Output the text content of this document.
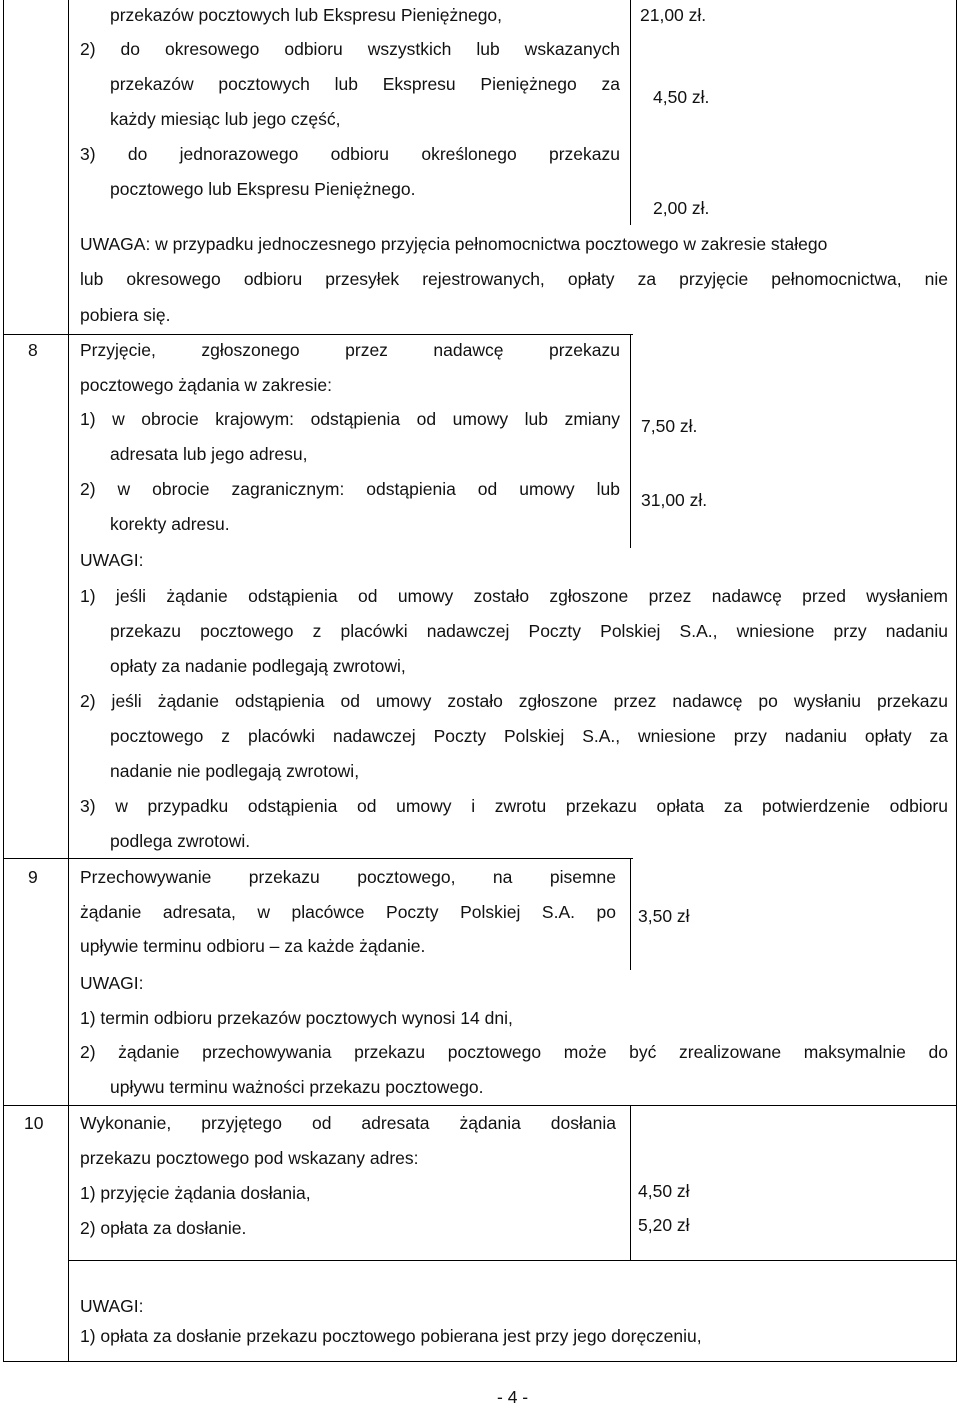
przekazów pocztowych lub Ekspresu Pieniężnego,
2) do okresowego odbioru wszystkich lub wskazanych
przekazów pocztowych lub Ekspresu Pieniężnego za
każdy miesiąc lub jego część,
3) do jednorazowego odbioru określonego przekazu
pocztowego lub Ekspresu Pieniężnego.
21,00 zł.
4,50 zł.
2,00 zł.
UWAGA: w przypadku jednoczesnego przyjęcia pełnomocnictwa pocztowego w zakresie stałego
lub okresowego odbioru przesyłek rejestrowanych, opłaty za przyjęcie pełnomocnictwa, nie
pobiera się.
8 Przyjęcie, zgłoszonego przez nadawcę przekazu
pocztowego żądania w zakresie:
1) w obrocie krajowym: odstąpienia od umowy lub zmiany
adresata lub jego adresu,
2) w obrocie zagranicznym: odstąpienia od umowy lub
korekty adresu.
7,50 zł.
31,00 zł.
UWAGI:
1) jeśli żądanie odstąpienia od umowy zostało zgłoszone przez nadawcę przed wysłaniem
przekazu pocztowego z placówki nadawczej Poczty Polskiej S.A., wniesione przy nadaniu
opłaty za nadanie podlegają zwrotowi,
2) jeśli żądanie odstąpienia od umowy zostało zgłoszone przez nadawcę po wysłaniu przekazu
pocztowego z placówki nadawczej Poczty Polskiej S.A., wniesione przy nadaniu opłaty za
nadanie nie podlegają zwrotowi,
3) w przypadku odstąpienia od umowy i zwrotu przekazu opłata za potwierdzenie odbioru
podlega zwrotowi.
9 Przechowywanie przekazu pocztowego, na pisemne
żądanie adresata, w placówce Poczty Polskiej S.A. po
upływie terminu odbioru – za każde żądanie.
3,50 zł
UWAGI:
1) termin odbioru przekazów pocztowych wynosi 14 dni,
2) żądanie przechowywania przekazu pocztowego może być zrealizowane maksymalnie do
upływu terminu ważności przekazu pocztowego.
10 Wykonanie, przyjętego od adresata żądania dosłania
przekazu pocztowego pod wskazany adres:
1) przyjęcie żądania dosłania,
2) opłata za dosłanie.
4,50 zł
5,20 zł
UWAGI:
1) opłata za dosłanie przekazu pocztowego pobierana jest przy jego doręczeniu,
- 4 -
